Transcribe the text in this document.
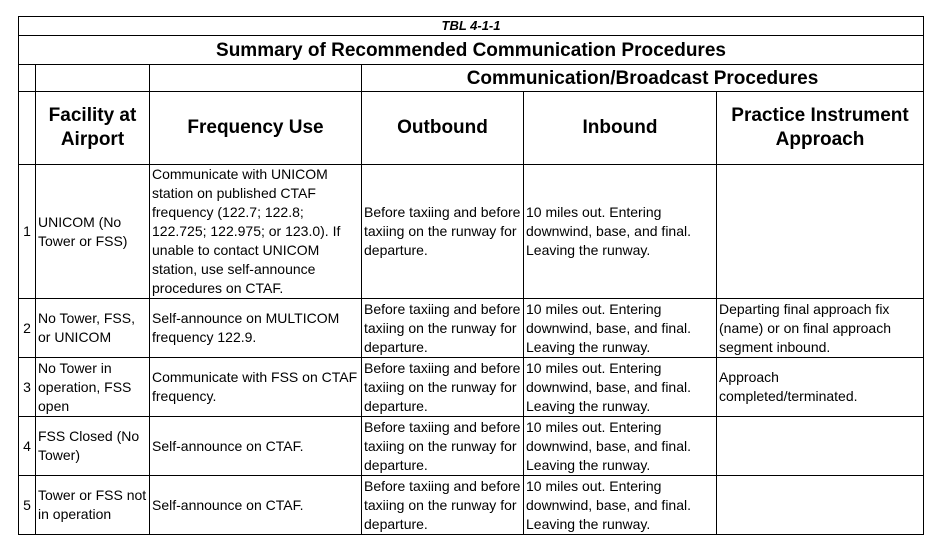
TBL 4-1-1					
Summary of Recommended Communication Procedures					
			Communication/Broadcast Procedures		
	Facility at Airport	Frequency Use	Outbound	Inbound	Practice Instrument Approach
1	UNICOM (No Tower or FSS)	Communicate with UNICOM station on published CTAF frequency (122.7; 122.8; 122.725; 122.975; or 123.0). If unable to contact UNICOM station, use self-announce procedures on CTAF.	Before taxiing and before taxiing on the runway for departure.	10 miles out. Entering downwind, base, and final. Leaving the runway.	
2	No Tower, FSS, or UNICOM	Self-announce on MULTICOM frequency 122.9.	Before taxiing and before taxiing on the runway for departure.	10 miles out. Entering downwind, base, and final. Leaving the runway.	Departing final approach fix (name) or on final approach segment inbound.
3	No Tower in operation, FSS open	Communicate with FSS on CTAF frequency.	Before taxiing and before taxiing on the runway for departure.	10 miles out. Entering downwind, base, and final. Leaving the runway.	Approach completed/terminated.
4	FSS Closed (No Tower)	Self-announce on CTAF.	Before taxiing and before taxiing on the runway for departure.	10 miles out. Entering downwind, base, and final. Leaving the runway.	
5	Tower or FSS not in operation	Self-announce on CTAF.	Before taxiing and before taxiing on the runway for departure.	10 miles out. Entering downwind, base, and final. Leaving the runway.	
